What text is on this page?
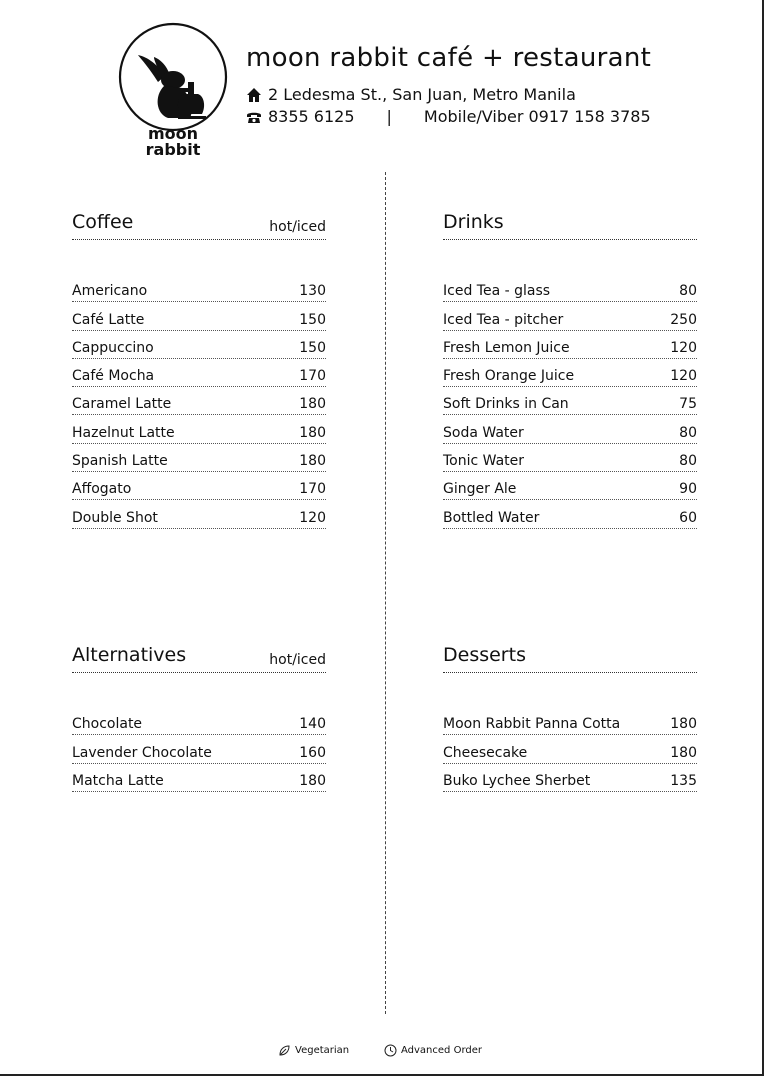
moon
rabbit
moon rabbit café + restaurant
2 Ledesma St., San Juan, Metro Manila
8355 6125 | Mobile/Viber 0917 158 3785
Coffee	hot/iced
Americano	130
Café Latte	150
Cappuccino	150
Café Mocha	170
Caramel Latte	180
Hazelnut Latte	180
Spanish Latte	180
Affogato	170
Double Shot	120
Drinks
Iced Tea - glass	80
Iced Tea - pitcher	250
Fresh Lemon Juice	120
Fresh Orange Juice	120
Soft Drinks in Can	75
Soda Water	80
Tonic Water	80
Ginger Ale	90
Bottled Water	60
Alternatives	hot/iced
Chocolate	140
Lavender Chocolate	160
Matcha Latte	180
Desserts
Moon Rabbit Panna Cotta	180
Cheesecake	180
Buko Lychee Sherbet	135
Vegetarian	Advanced Order
